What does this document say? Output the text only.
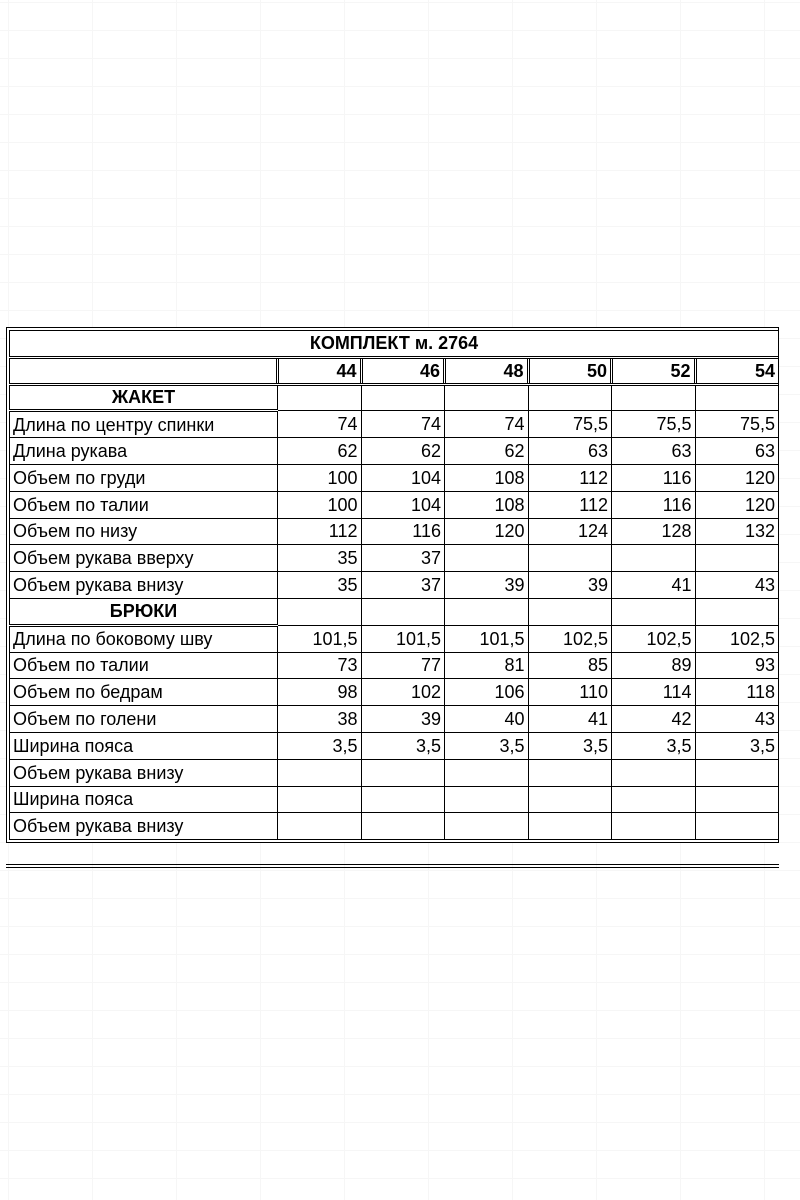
КОМПЛЕКТ м. 2764						
	44	46	48	50	52	54
ЖАКЕТ						
Длина по центру спинки	74	74	74	75,5	75,5	75,5
Длина рукава	62	62	62	63	63	63
Объем по груди	100	104	108	112	116	120
Объем по талии	100	104	108	112	116	120
Объем по низу	112	116	120	124	128	132
Объем рукава вверху	35	37				
Объем рукава внизу	35	37	39	39	41	43
БРЮКИ						
Длина по боковому шву	101,5	101,5	101,5	102,5	102,5	102,5
Объем по талии	73	77	81	85	89	93
Объем по бедрам	98	102	106	110	114	118
Объем по голени	38	39	40	41	42	43
Ширина пояса	3,5	3,5	3,5	3,5	3,5	3,5
Объем рукава внизу						
Ширина пояса						
Объем рукава внизу						
